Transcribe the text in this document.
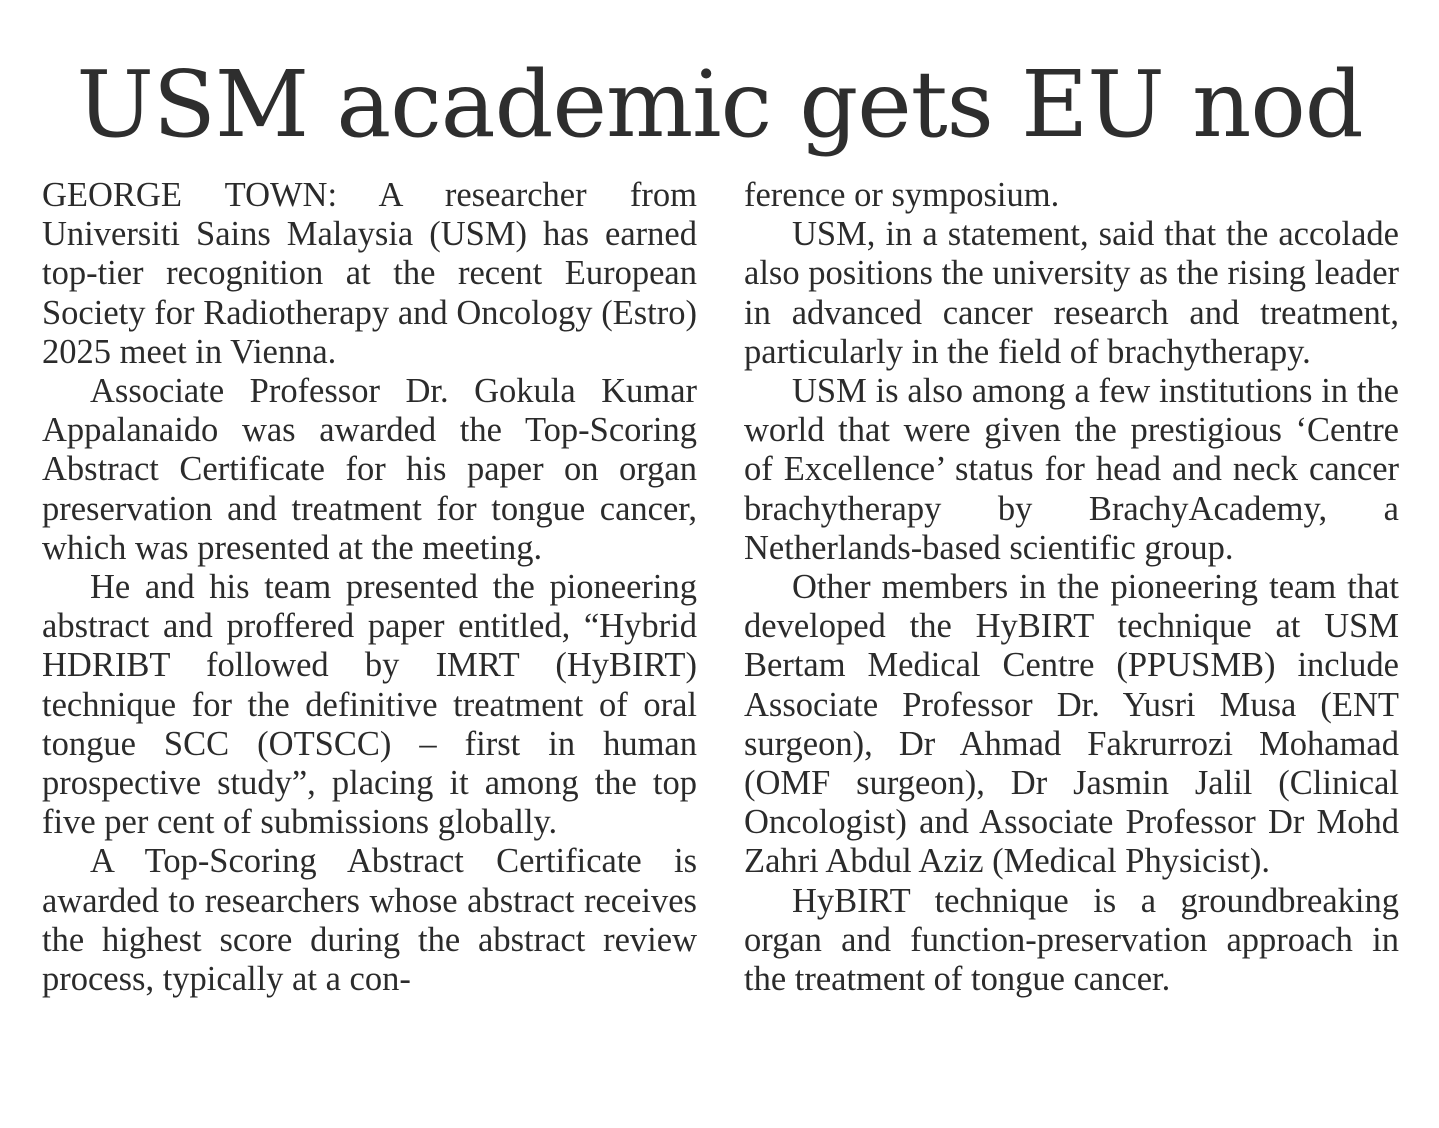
USM academic gets EU nod

GEORGE TOWN: A researcher from Universiti Sains Malaysia (USM) has earned top-tier recognition at the recent European Society for Radiotherapy and Oncology (Estro) 2025 meet in Vienna.

Associate Professor Dr. Gokula Kumar Appalanaido was awarded the Top-Scoring Abstract Certificate for his paper on organ preservation and treatment for tongue cancer, which was presented at the meeting.

He and his team presented the pioneering abstract and proffered paper entitled, “Hybrid HDRIBT followed by IMRT (HyBIRT) technique for the definitive treatment of oral tongue SCC (OTSCC) – first in human prospective study”, placing it among the top five per cent of submissions globally.

A Top-Scoring Abstract Certificate is awarded to researchers whose abstract receives the highest score during the abstract review process, typically at a con-

ference or symposium.

USM, in a statement, said that the accolade also positions the university as the rising leader in advanced cancer research and treatment, particularly in the field of brachytherapy.

USM is also among a few institutions in the world that were given the prestigious ‘Centre of Excellence’ status for head and neck cancer brachytherapy by BrachyAcademy, a Netherlands-based scientific group.

Other members in the pioneering team that developed the HyBIRT technique at USM Bertam Medical Centre (PPUSMB) include Associate Professor Dr. Yusri Musa (ENT surgeon), Dr Ahmad Fakrurrozi Mohamad (OMF surgeon), Dr Jasmin Jalil (Clinical Oncologist) and Associate Professor Dr Mohd Zahri Abdul Aziz (Medical Physicist).

HyBIRT technique is a groundbreaking organ and function-preservation approach in the treatment of tongue cancer.
